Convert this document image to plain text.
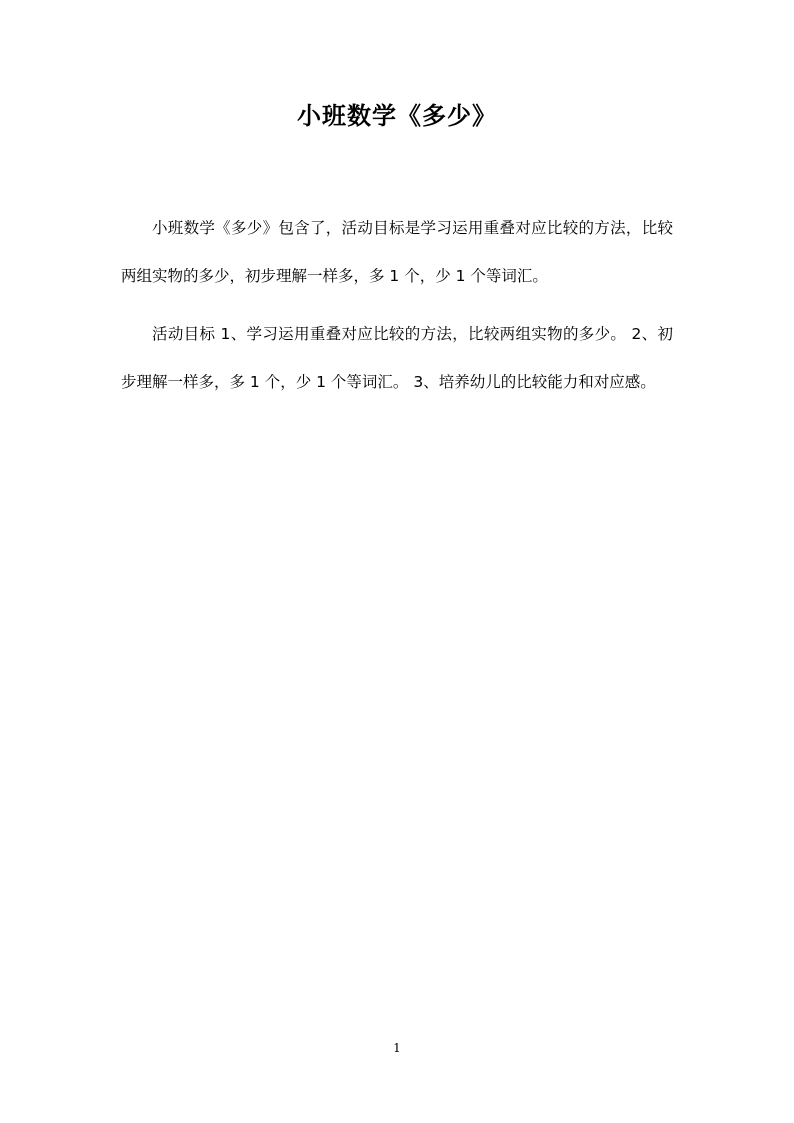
小班数学《多少》

小班数学《多少》包含了，活动目标是学习运用重叠对应比较的方法，比较两组实物的多少，初步理解一样多，多 1 个，少 1 个等词汇。

活动目标 1、学习运用重叠对应比较的方法，比较两组实物的多少。 2、初步理解一样多，多 1 个，少 1 个等词汇。 3、培养幼儿的比较能力和对应感。

1
